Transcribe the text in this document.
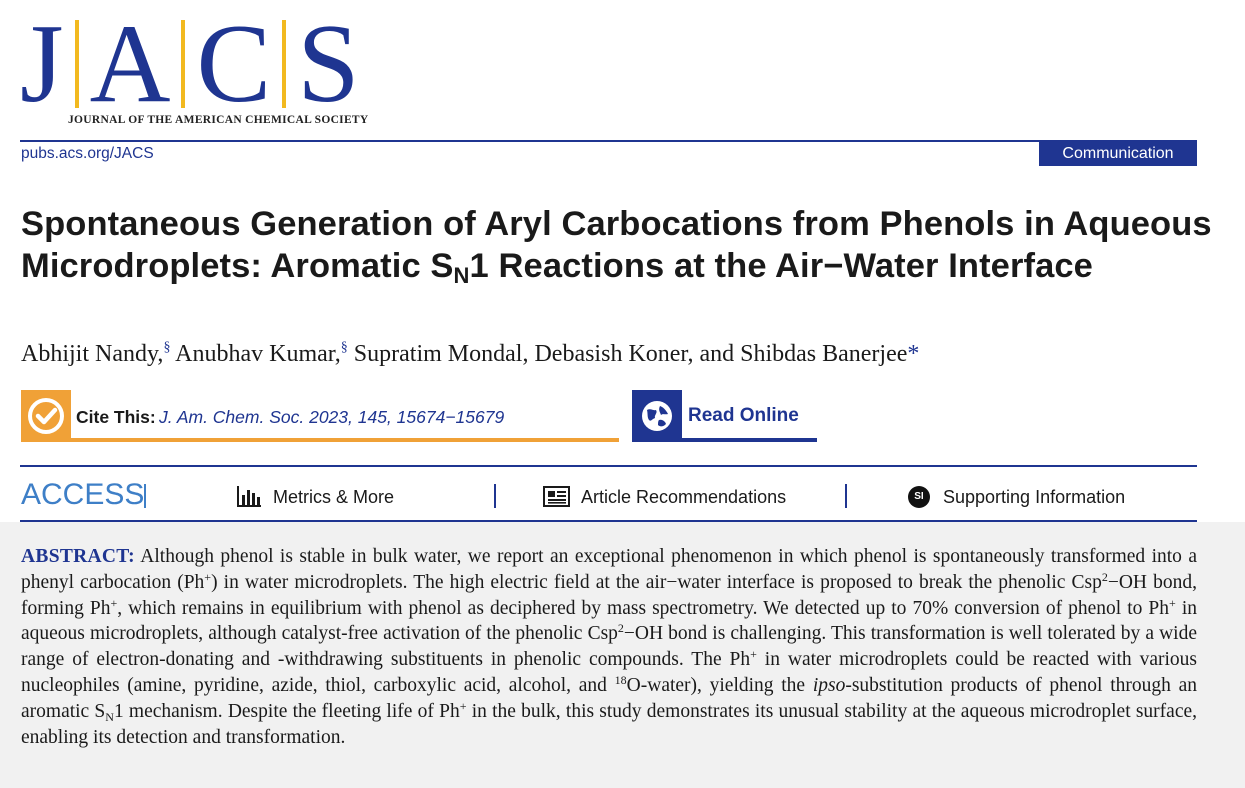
J A C S
JOURNAL OF THE AMERICAN CHEMICAL SOCIETY
pubs.acs.org/JACS	Communication
Spontaneous Generation of Aryl Carbocations from Phenols in Aqueous Microdroplets: Aromatic $S_N1$ Reactions at the Air−Water Interface
Abhijit Nandy,§ Anubhav Kumar,§ Supratim Mondal, Debasish Koner, and Shibdas Banerjee*
Cite This: J. Am. Chem. Soc. 2023, 145, 15674−15679	Read Online
ACCESS	Metrics & More	Article Recommendations	SI	Supporting Information
ABSTRACT: Although phenol is stable in bulk water, we report an exceptional phenomenon in which phenol is spontaneously transformed into a phenyl carbocation (Ph+) in water microdroplets. The high electric field at the air−water interface is proposed to break the phenolic Csp$^2$−OH bond, forming Ph+, which remains in equilibrium with phenol as deciphered by mass spectrometry. We detected up to 70% conversion of phenol to Ph+ in aqueous microdroplets, although catalyst-free activation of the phenolic Csp$^2$−OH bond is challenging. This transformation is well tolerated by a wide range of electron-donating and -withdrawing substituents in phenolic compounds. The Ph+ in water microdroplets could be reacted with various nucleophiles (amine, pyridine, azide, thiol, carboxylic acid, alcohol, and $^{18}$O-water), yielding the ipso-substitution products of phenol through an aromatic $S_N1$ mechanism. Despite the fleeting life of Ph+ in the bulk, this study demonstrates its unusual stability at the aqueous microdroplet surface, enabling its detection and transformation.
